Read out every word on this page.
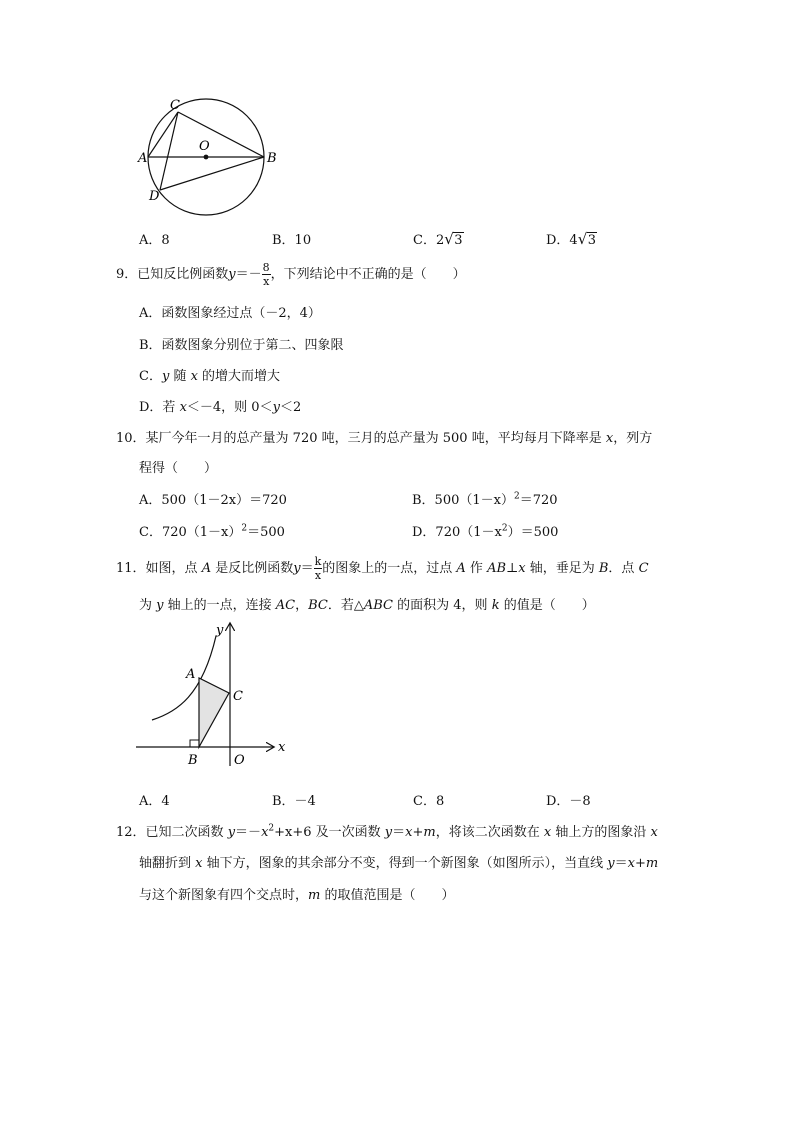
C
O
A	B
D
A．8	B．10	C．2 √ 3	D．4 √ 3
9．已知反比例函数$y=- \frac{8}{x}$ ，下列结论中不正确的是（　　）
A．函数图象经过点（－2，4）
B．函数图象分别位于第二、四象限
C．y 随 x 的增大而增大
D．若 x＜－4，则 0＜y＜2
10．某厂今年一月的总产量为 720 吨，三月的总产量为 500 吨，平均每月下降率是 x，列方
程得（　　）
A．500（1－2x）＝720	B．$500(1-x)^2=720$
C．$720(1-x)^2=500$	D．$720(1-x^2)=500$
11．如图，点 A 是反比例函数$y= \frac{k}{x}$ 的图象上的一点，过点 A 作 AB⊥x 轴，垂足为 B．点 C
为 y 轴上的一点，连接 AC，BC．若△ABC 的面积为 4，则 k 的值是（　　）
y
A
C
x
B	O
A．4	B．－4	C．8	D．－8
12．已知二次函数 $y=-x^2+x+6$ 及一次函数 y＝x+m，将该二次函数在 x 轴上方的图象沿 x
轴翻折到 x 轴下方，图象的其余部分不变，得到一个新图象（如图所示），当直线 y＝x+m
与这个新图象有四个交点时，m 的取值范围是（　　）
